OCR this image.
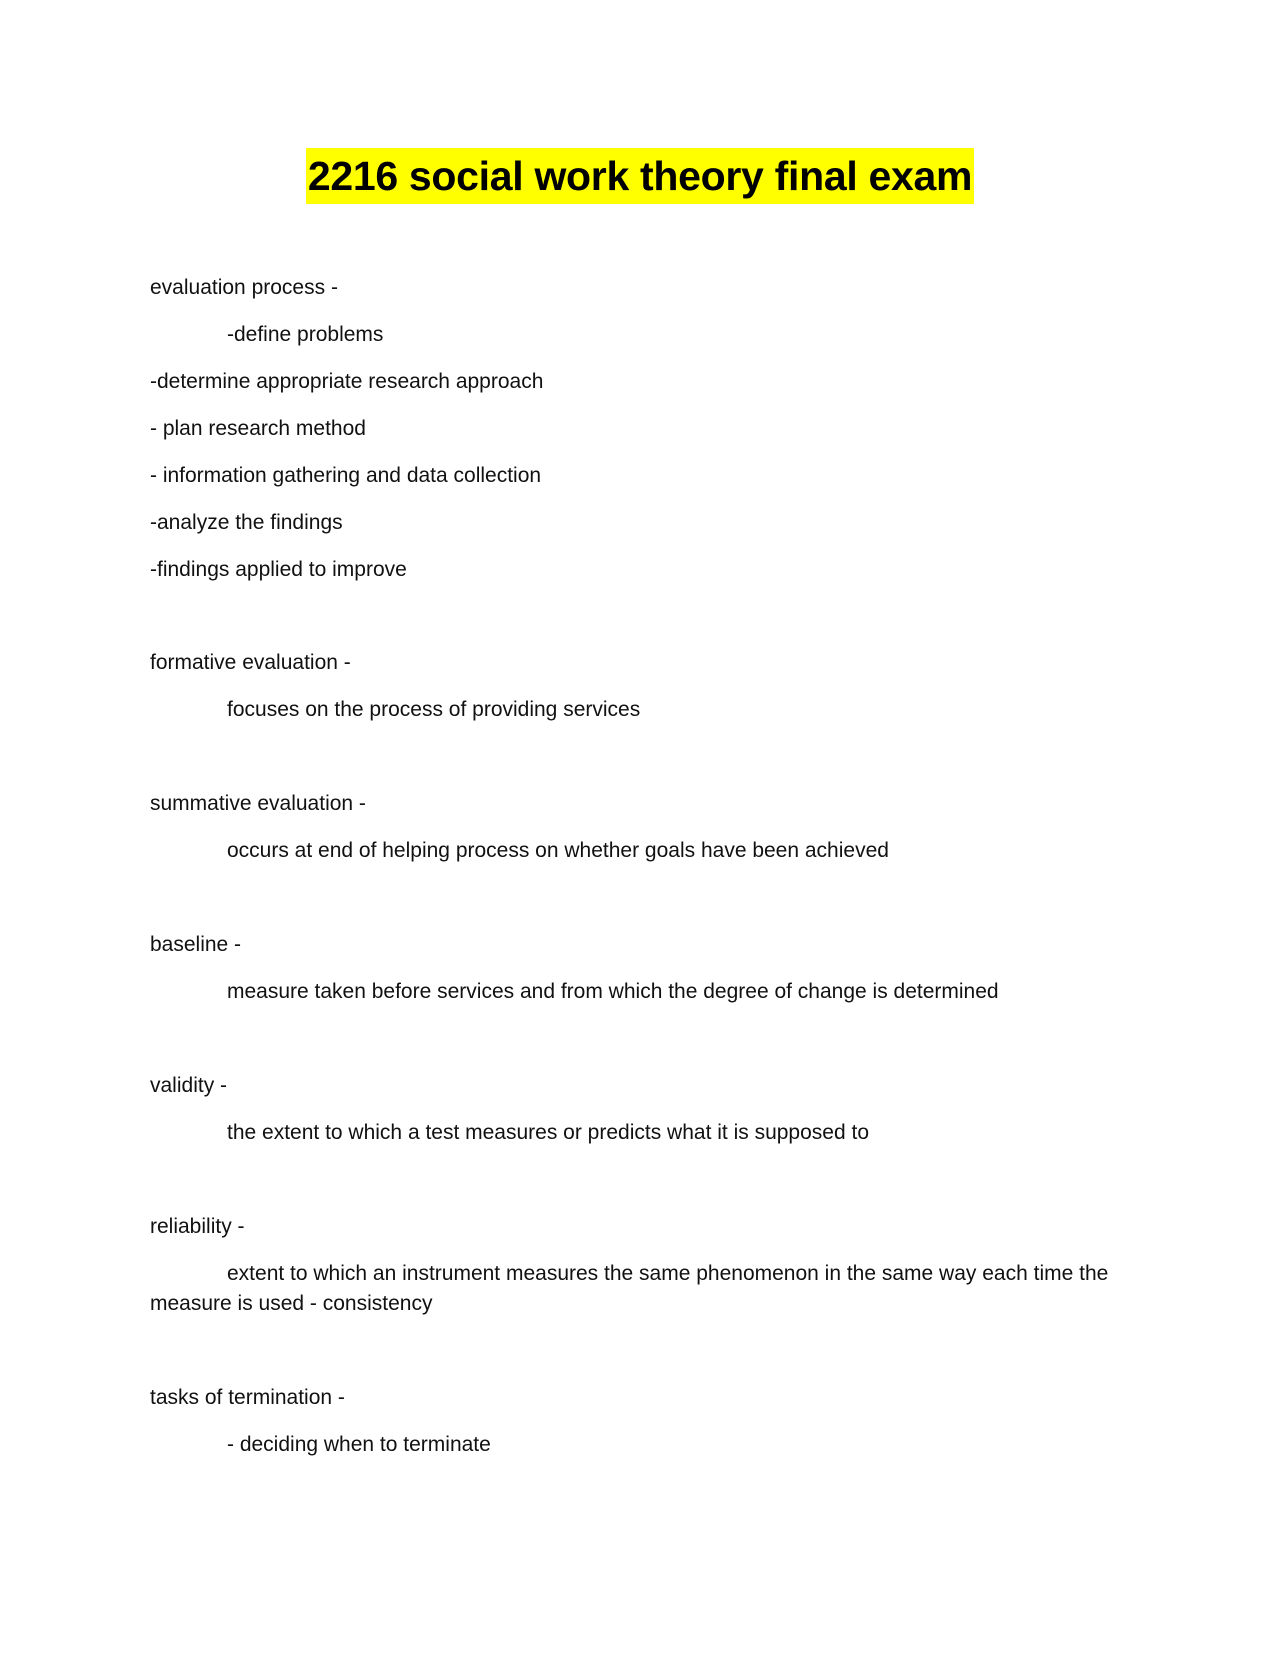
2216 social work theory final exam
evaluation process -
-define problems
-determine appropriate research approach
- plan research method
- information gathering and data collection
-analyze the findings
-findings applied to improve
formative evaluation -
focuses on the process of providing services
summative evaluation -
occurs at end of helping process on whether goals have been achieved
baseline -
measure taken before services and from which the degree of change is determined
validity -
the extent to which a test measures or predicts what it is supposed to
reliability -
extent to which an instrument measures the same phenomenon in the same way each time the measure is used - consistency
tasks of termination -
- deciding when to terminate
